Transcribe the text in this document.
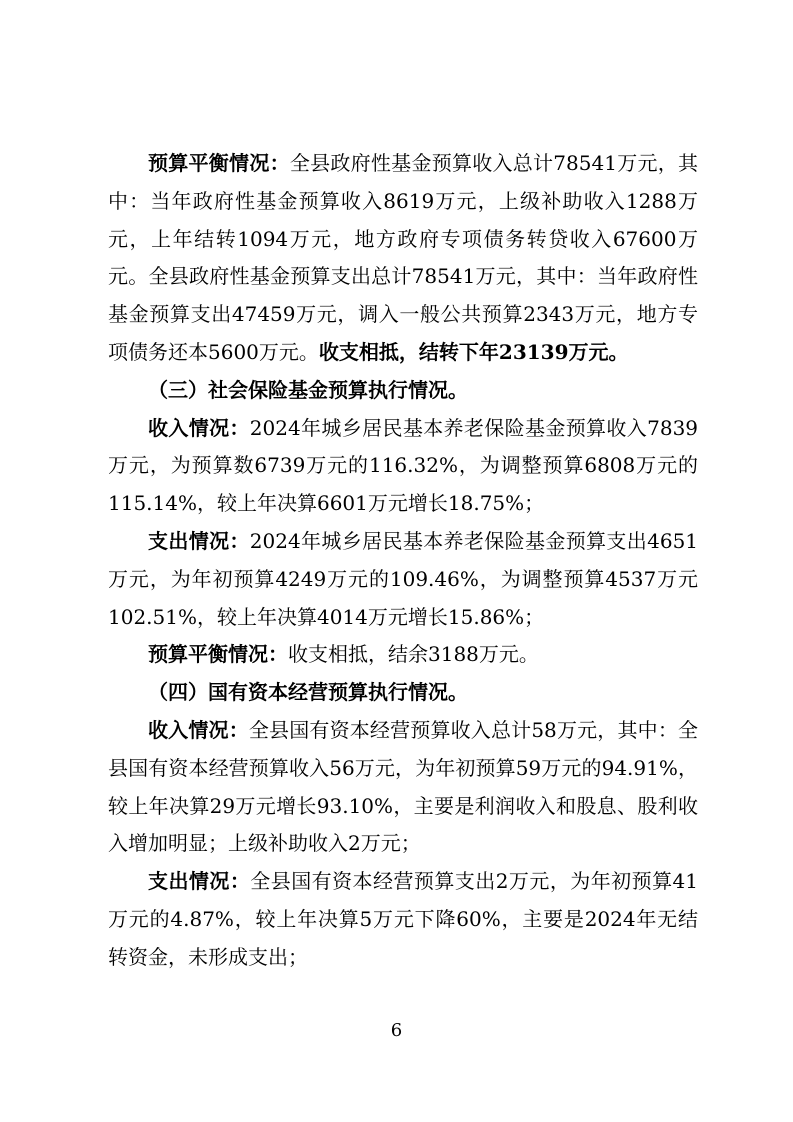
预算平衡情况：全县政府性基金预算收入总计78541万元，其中：当年政府性基金预算收入8619万元，上级补助收入1288万元，上年结转1094万元，地方政府专项债务转贷收入67600万元。全县政府性基金预算支出总计78541万元，其中：当年政府性基金预算支出47459万元，调入一般公共预算2343万元，地方专项债务还本5600万元。收支相抵，结转下年23139万元。

（三）社会保险基金预算执行情况。

收入情况：2024年城乡居民基本养老保险基金预算收入7839万元，为预算数6739万元的116.32%，为调整预算6808万元的115.14%，较上年决算6601万元增长18.75%；

支出情况：2024年城乡居民基本养老保险基金预算支出4651万元，为年初预算4249万元的109.46%，为调整预算4537万元102.51%，较上年决算4014万元增长15.86%；

预算平衡情况：收支相抵，结余3188万元。

（四）国有资本经营预算执行情况。

收入情况：全县国有资本经营预算收入总计58万元，其中：全县国有资本经营预算收入56万元，为年初预算59万元的94.91%，较上年决算29万元增长93.10%，主要是利润收入和股息、股利收入增加明显；上级补助收入2万元；

支出情况：全县国有资本经营预算支出2万元，为年初预算41万元的4.87%，较上年决算5万元下降60%，主要是2024年无结转资金，未形成支出；

6
